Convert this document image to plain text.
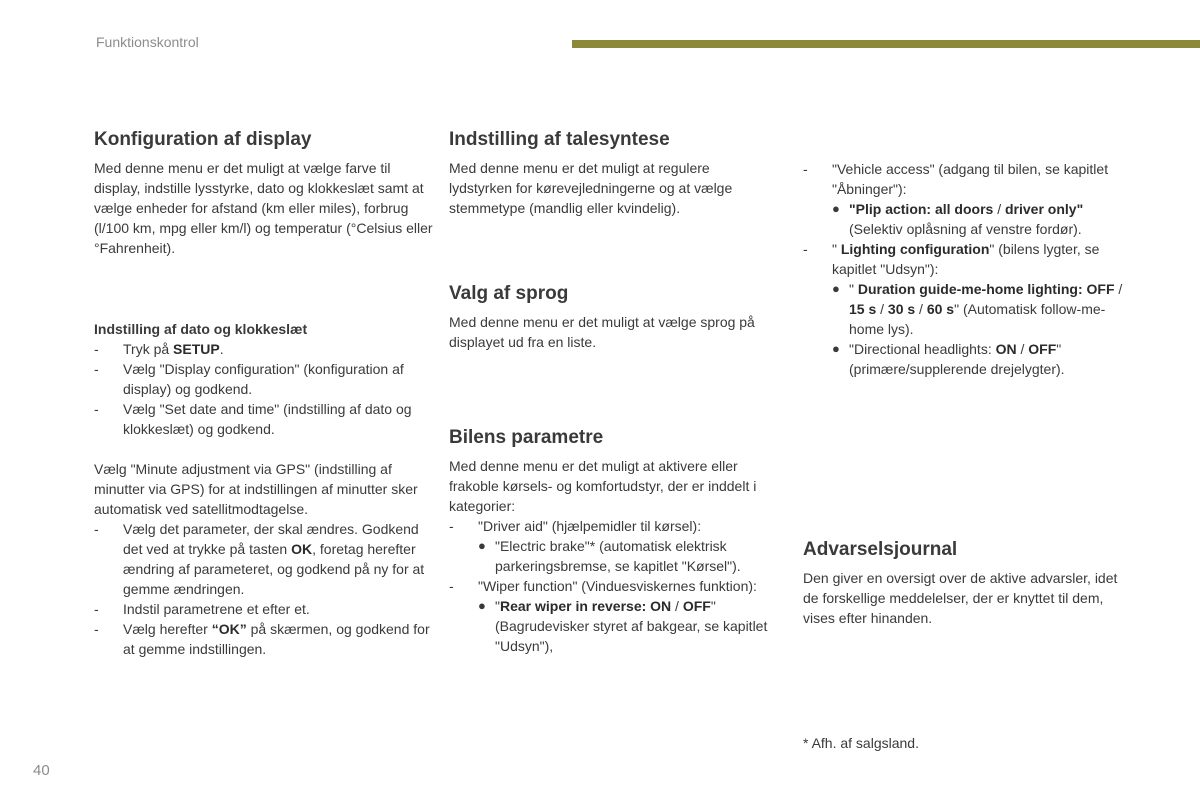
Funktionskontrol
Konfiguration af display

Med denne menu er det muligt at vælge farve til display, indstille lysstyrke, dato og klokkeslæt samt at vælge enheder for afstand (km eller miles), forbrug (l/100 km, mpg eller km/l) og temperatur (°Celsius eller °Fahrenheit).

Indstilling af dato og klokkeslæt
- Tryk på SETUP.
- Vælg "Display configuration" (konfiguration af display) og godkend.
- Vælg "Set date and time" (indstilling af dato og klokkeslæt) og godkend.

Vælg "Minute adjustment via GPS" (indstilling af minutter via GPS) for at indstillingen af minutter sker automatisk ved satellitmodtagelse.

- Vælg det parameter, der skal ændres. Godkend det ved at trykke på tasten OK, foretag herefter ændring af parameteret, og godkend på ny for at gemme ændringen.
- Indstil parametrene et efter et.
- Vælg herefter “OK” på skærmen, og godkend for at gemme indstillingen.
Indstilling af talesyntese

Med denne menu er det muligt at regulere lydstyrken for kørevejledningerne og at vælge stemmetype (mandlig eller kvindelig).

Valg af sprog

Med denne menu er det muligt at vælge sprog på displayet ud fra en liste.

Bilens parametre

Med denne menu er det muligt at aktivere eller frakoble kørsels- og komfortudstyr, der er inddelt i kategorier:

- "Driver aid" (hjælpemidler til kørsel):
● "Electric brake"* (automatisk elektrisk parkeringsbremse, se kapitlet "Kørsel").
- "Wiper function" (Vinduesviskernes funktion):
● "Rear wiper in reverse: ON / OFF" (Bagrudevisker styret af bakgear, se kapitlet "Udsyn"),
- "Vehicle access" (adgang til bilen, se kapitlet "Åbninger"):
● "Plip action: all doors / driver only" (Selektiv oplåsning af venstre fordør).
- " Lighting configuration" (bilens lygter, se kapitlet "Udsyn"):
● " Duration guide-me-home lighting: OFF / 15 s / 30 s / 60 s" (Automatisk follow-me-home lys).
● "Directional headlights: ON / OFF" (primære/supplerende drejelygter).
Advarselsjournal

Den giver en oversigt over de aktive advarsler, idet de forskellige meddelelser, der er knyttet til dem, vises efter hinanden.

* Afh. af salgsland.
40
